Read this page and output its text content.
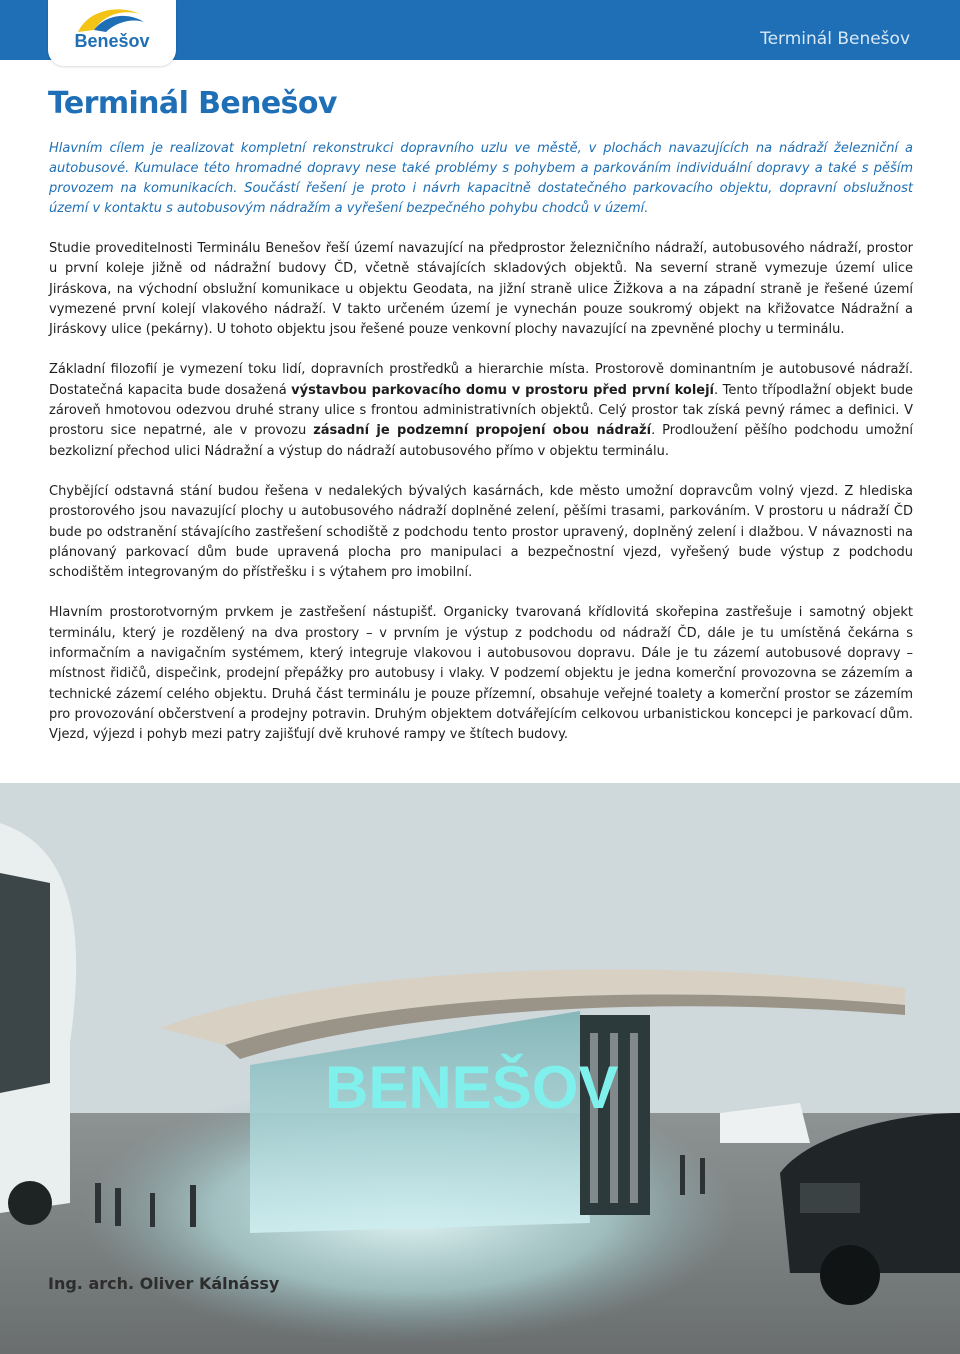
Benešov	Terminál Benešov
Terminál Benešov

Hlavním cílem je realizovat kompletní rekonstrukci dopravního uzlu ve městě, v plochách navazujících na nádraží železniční a autobusové. Kumulace této hromadné dopravy nese také problémy s pohybem a parkováním individuální dopravy a také s pěším provozem na komunikacích. Součástí řešení je proto i návrh kapacitně dostatečného parkovacího objektu, dopravní obslužnost území v kontaktu s autobusovým nádražím a vyřešení bezpečného pohybu chodců v území.

Studie proveditelnosti Terminálu Benešov řeší území navazující na předprostor železničního nádraží, autobusového nádraží, prostor u první koleje jižně od nádražní budovy ČD, včetně stávajících skladových objektů. Na severní straně vymezuje území ulice Jiráskova, na východní obslužní komunikace u objektu Geodata, na jižní straně ulice Žižkova a na západní straně je řešené území vymezené první kolejí vlakového nádraží. V takto určeném území je vynechán pouze soukromý objekt na křižovatce Nádražní a Jiráskovy ulice (pekárny). U tohoto objektu jsou řešené pouze venkovní plochy navazující na zpevněné plochy u terminálu.

Základní filozofií je vymezení toku lidí, dopravních prostředků a hierarchie místa. Prostorově dominantním je autobusové nádraží. Dostatečná kapacita bude dosažená výstavbou parkovacího domu v prostoru před první kolejí. Tento třípodlažní objekt bude zároveň hmotovou odezvou druhé strany ulice s frontou administrativních objektů. Celý prostor tak získá pevný rámec a definici. V prostoru sice nepatrné, ale v provozu zásadní je podzemní propojení obou nádraží. Prodloužení pěšího podchodu umožní bezkolizní přechod ulici Nádražní a výstup do nádraží autobusového přímo v objektu terminálu.

Chybějící odstavná stání budou řešena v nedalekých bývalých kasárnách, kde město umožní dopravcům volný vjezd. Z hlediska prostorového jsou navazující plochy u autobusového nádraží doplněné zelení, pěšími trasami, parkováním. V prostoru u nádraží ČD bude po odstranění stávajícího zastřešení schodiště z podchodu tento prostor upravený, doplněný zelení i dlažbou. V návaznosti na plánovaný parkovací dům bude upravená plocha pro manipulaci a bezpečnostní vjezd, vyřešený bude výstup z podchodu schodištěm integrovaným do přístřešku i s výtahem pro imobilní.

Hlavním prostorotvorným prvkem je zastřešení nástupišť. Organicky tvarovaná křídlovitá skořepina zastřešuje i samotný objekt terminálu, který je rozdělený na dva prostory – v prvním je výstup z podchodu od nádraží ČD, dále je tu umístěná čekárna s informačním a navigačním systémem, který integruje vlakovou i autobusovou dopravu. Dále je tu zázemí autobusové dopravy – místnost řidičů, dispečink, prodejní přepážky pro autobusy i vlaky. V podzemí objektu je jedna komerční provozovna se zázemím a technické zázemí celého objektu. Druhá část terminálu je pouze přízemní, obsahuje veřejné toalety a komerční prostor se zázemím pro provozování občerstvení a prodejny potravin. Druhým objektem dotvářejícím celkovou urbanistickou koncepci je parkovací dům. Vjezd, výjezd i pohyb mezi patry zajišťují dvě kruhové rampy ve štítech budovy.

BENEŠOV
Ing. arch. Oliver Kálnássy
